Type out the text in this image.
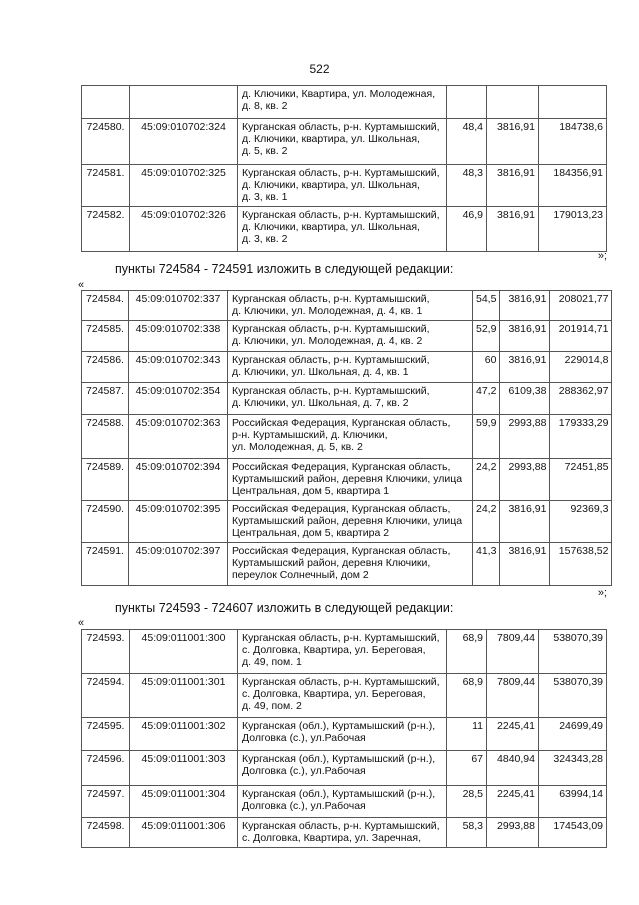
522
		д. Ключики, Квартира, ул. Молодежная,
д. 8, кв. 2			
724580.	45:09:010702:324	Курганская область, р-н. Куртамышский,
д. Ключики, квартира, ул. Школьная,
д. 5, кв. 2	48,4	3816,91	184738,6
724581.	45:09:010702:325	Курганская область, р-н. Куртамышский,
д. Ключики, квартира, ул. Школьная,
д. 3, кв. 1	48,3	3816,91	184356,91
724582.	45:09:010702:326	Курганская область, р-н. Куртамышский,
д. Ключики, квартира, ул. Школьная,
д. 3, кв. 2	46,9	3816,91	179013,23
»;
пункты 724584 - 724591 изложить в следующей редакции:
«
724584.	45:09:010702:337	Курганская область, р-н. Куртамышский,
д. Ключики, ул. Молодежная, д. 4, кв. 1	54,5	3816,91	208021,77
724585.	45:09:010702:338	Курганская область, р-н. Куртамышский,
д. Ключики, ул. Молодежная, д. 4, кв. 2	52,9	3816,91	201914,71
724586.	45:09:010702:343	Курганская область, р-н. Куртамышский,
д. Ключики, ул. Школьная, д. 4, кв. 1	60	3816,91	229014,8
724587.	45:09:010702:354	Курганская область, р-н. Куртамышский,
д. Ключики, ул. Школьная, д. 7, кв. 2	47,2	6109,38	288362,97
724588.	45:09:010702:363	Российская Федерация, Курганская область,
р-н. Куртамышский, д. Ключики,
ул. Молодежная, д. 5, кв. 2	59,9	2993,88	179333,29
724589.	45:09:010702:394	Российская Федерация, Курганская область,
Куртамышский район, деревня Ключики, улица
Центральная, дом 5, квартира 1	24,2	2993,88	72451,85
724590.	45:09:010702:395	Российская Федерация, Курганская область,
Куртамышский район, деревня Ключики, улица
Центральная, дом 5, квартира 2	24,2	3816,91	92369,3
724591.	45:09:010702:397	Российская Федерация, Курганская область,
Куртамышский район, деревня Ключики,
переулок Солнечный, дом 2	41,3	3816,91	157638,52
»;
пункты 724593 - 724607 изложить в следующей редакции:
«
724593.	45:09:011001:300	Курганская область, р-н. Куртамышский,
с. Долговка, Квартира, ул. Береговая,
д. 49, пом. 1	68,9	7809,44	538070,39
724594.	45:09:011001:301	Курганская область, р-н. Куртамышский,
с. Долговка, Квартира, ул. Береговая,
д. 49, пом. 2	68,9	7809,44	538070,39
724595.	45:09:011001:302	Курганская (обл.), Куртамышский (р-н.),
Долговка (с.), ул.Рабочая	11	2245,41	24699,49
724596.	45:09:011001:303	Курганская (обл.), Куртамышский (р-н.),
Долговка (с.), ул.Рабочая	67	4840,94	324343,28
724597.	45:09:011001:304	Курганская (обл.), Куртамышский (р-н.),
Долговка (с.), ул.Рабочая	28,5	2245,41	63994,14
724598.	45:09:011001:306	Курганская область, р-н. Куртамышский,
с. Долговка, Квартира, ул. Заречная,	58,3	2993,88	174543,09
